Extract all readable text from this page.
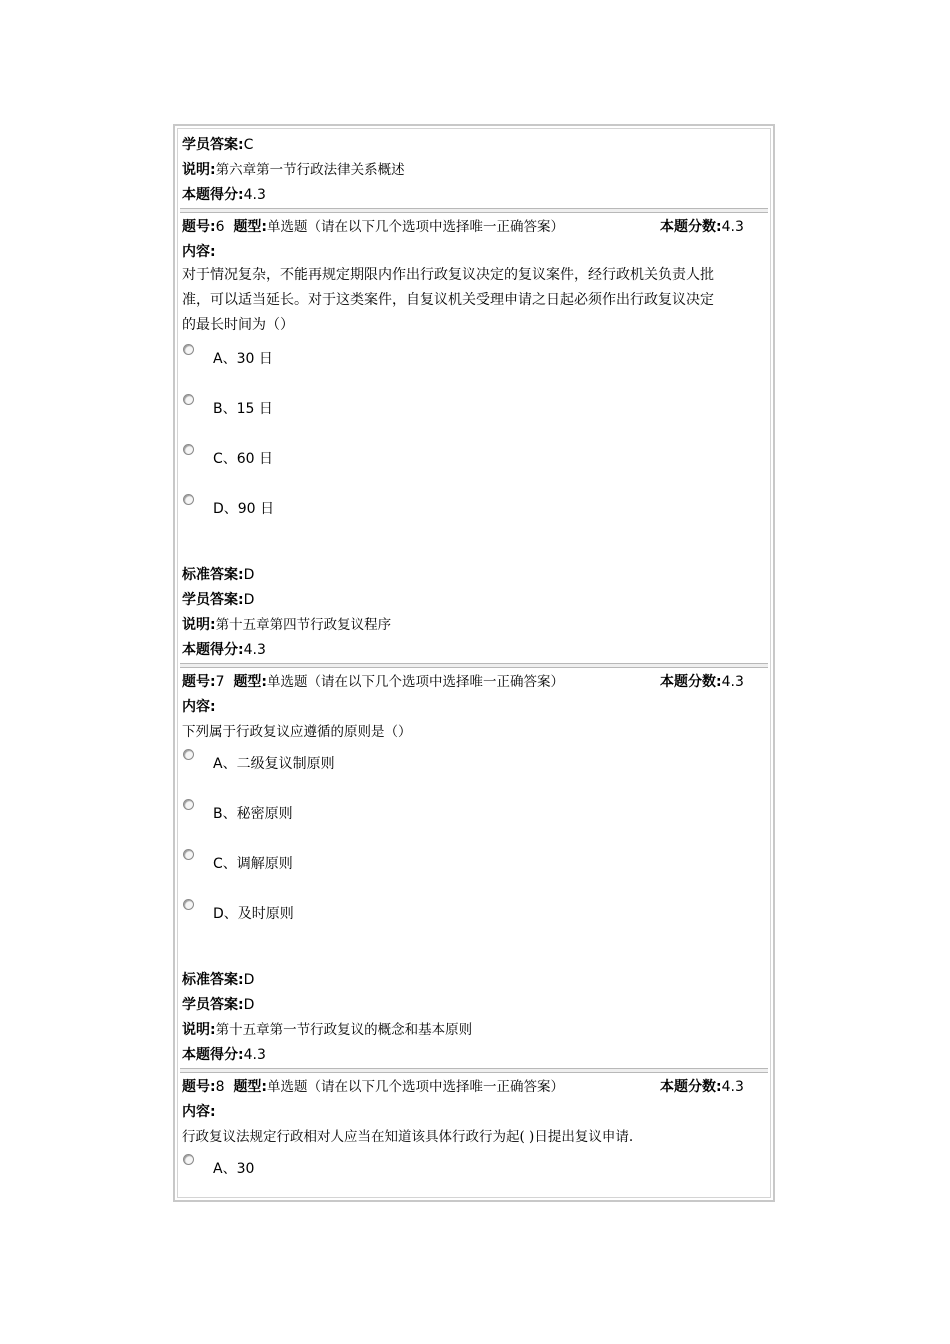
学员答案:C
说明:第六章第一节行政法律关系概述
本题得分:4.3
题号:6 题型:单选题（请在以下几个选项中选择唯一正确答案）	本题分数:4.3
内容:
对于情况复杂，不能再规定期限内作出行政复议决定的复议案件，经行政机关负责人批
准，可以适当延长。对于这类案件，自复议机关受理申请之日起必须作出行政复议决定
的最长时间为（）
A、30 日
B、15 日
C、60 日
D、90 日
标准答案:D
学员答案:D
说明:第十五章第四节行政复议程序
本题得分:4.3
题号:7 题型:单选题（请在以下几个选项中选择唯一正确答案）	本题分数:4.3
内容:
下列属于行政复议应遵循的原则是（）
A、二级复议制原则
B、秘密原则
C、调解原则
D、及时原则
标准答案:D
学员答案:D
说明:第十五章第一节行政复议的概念和基本原则
本题得分:4.3
题号:8 题型:单选题（请在以下几个选项中选择唯一正确答案）	本题分数:4.3
内容:
行政复议法规定行政相对人应当在知道该具体行政行为起( )日提出复议申请.
A、30
